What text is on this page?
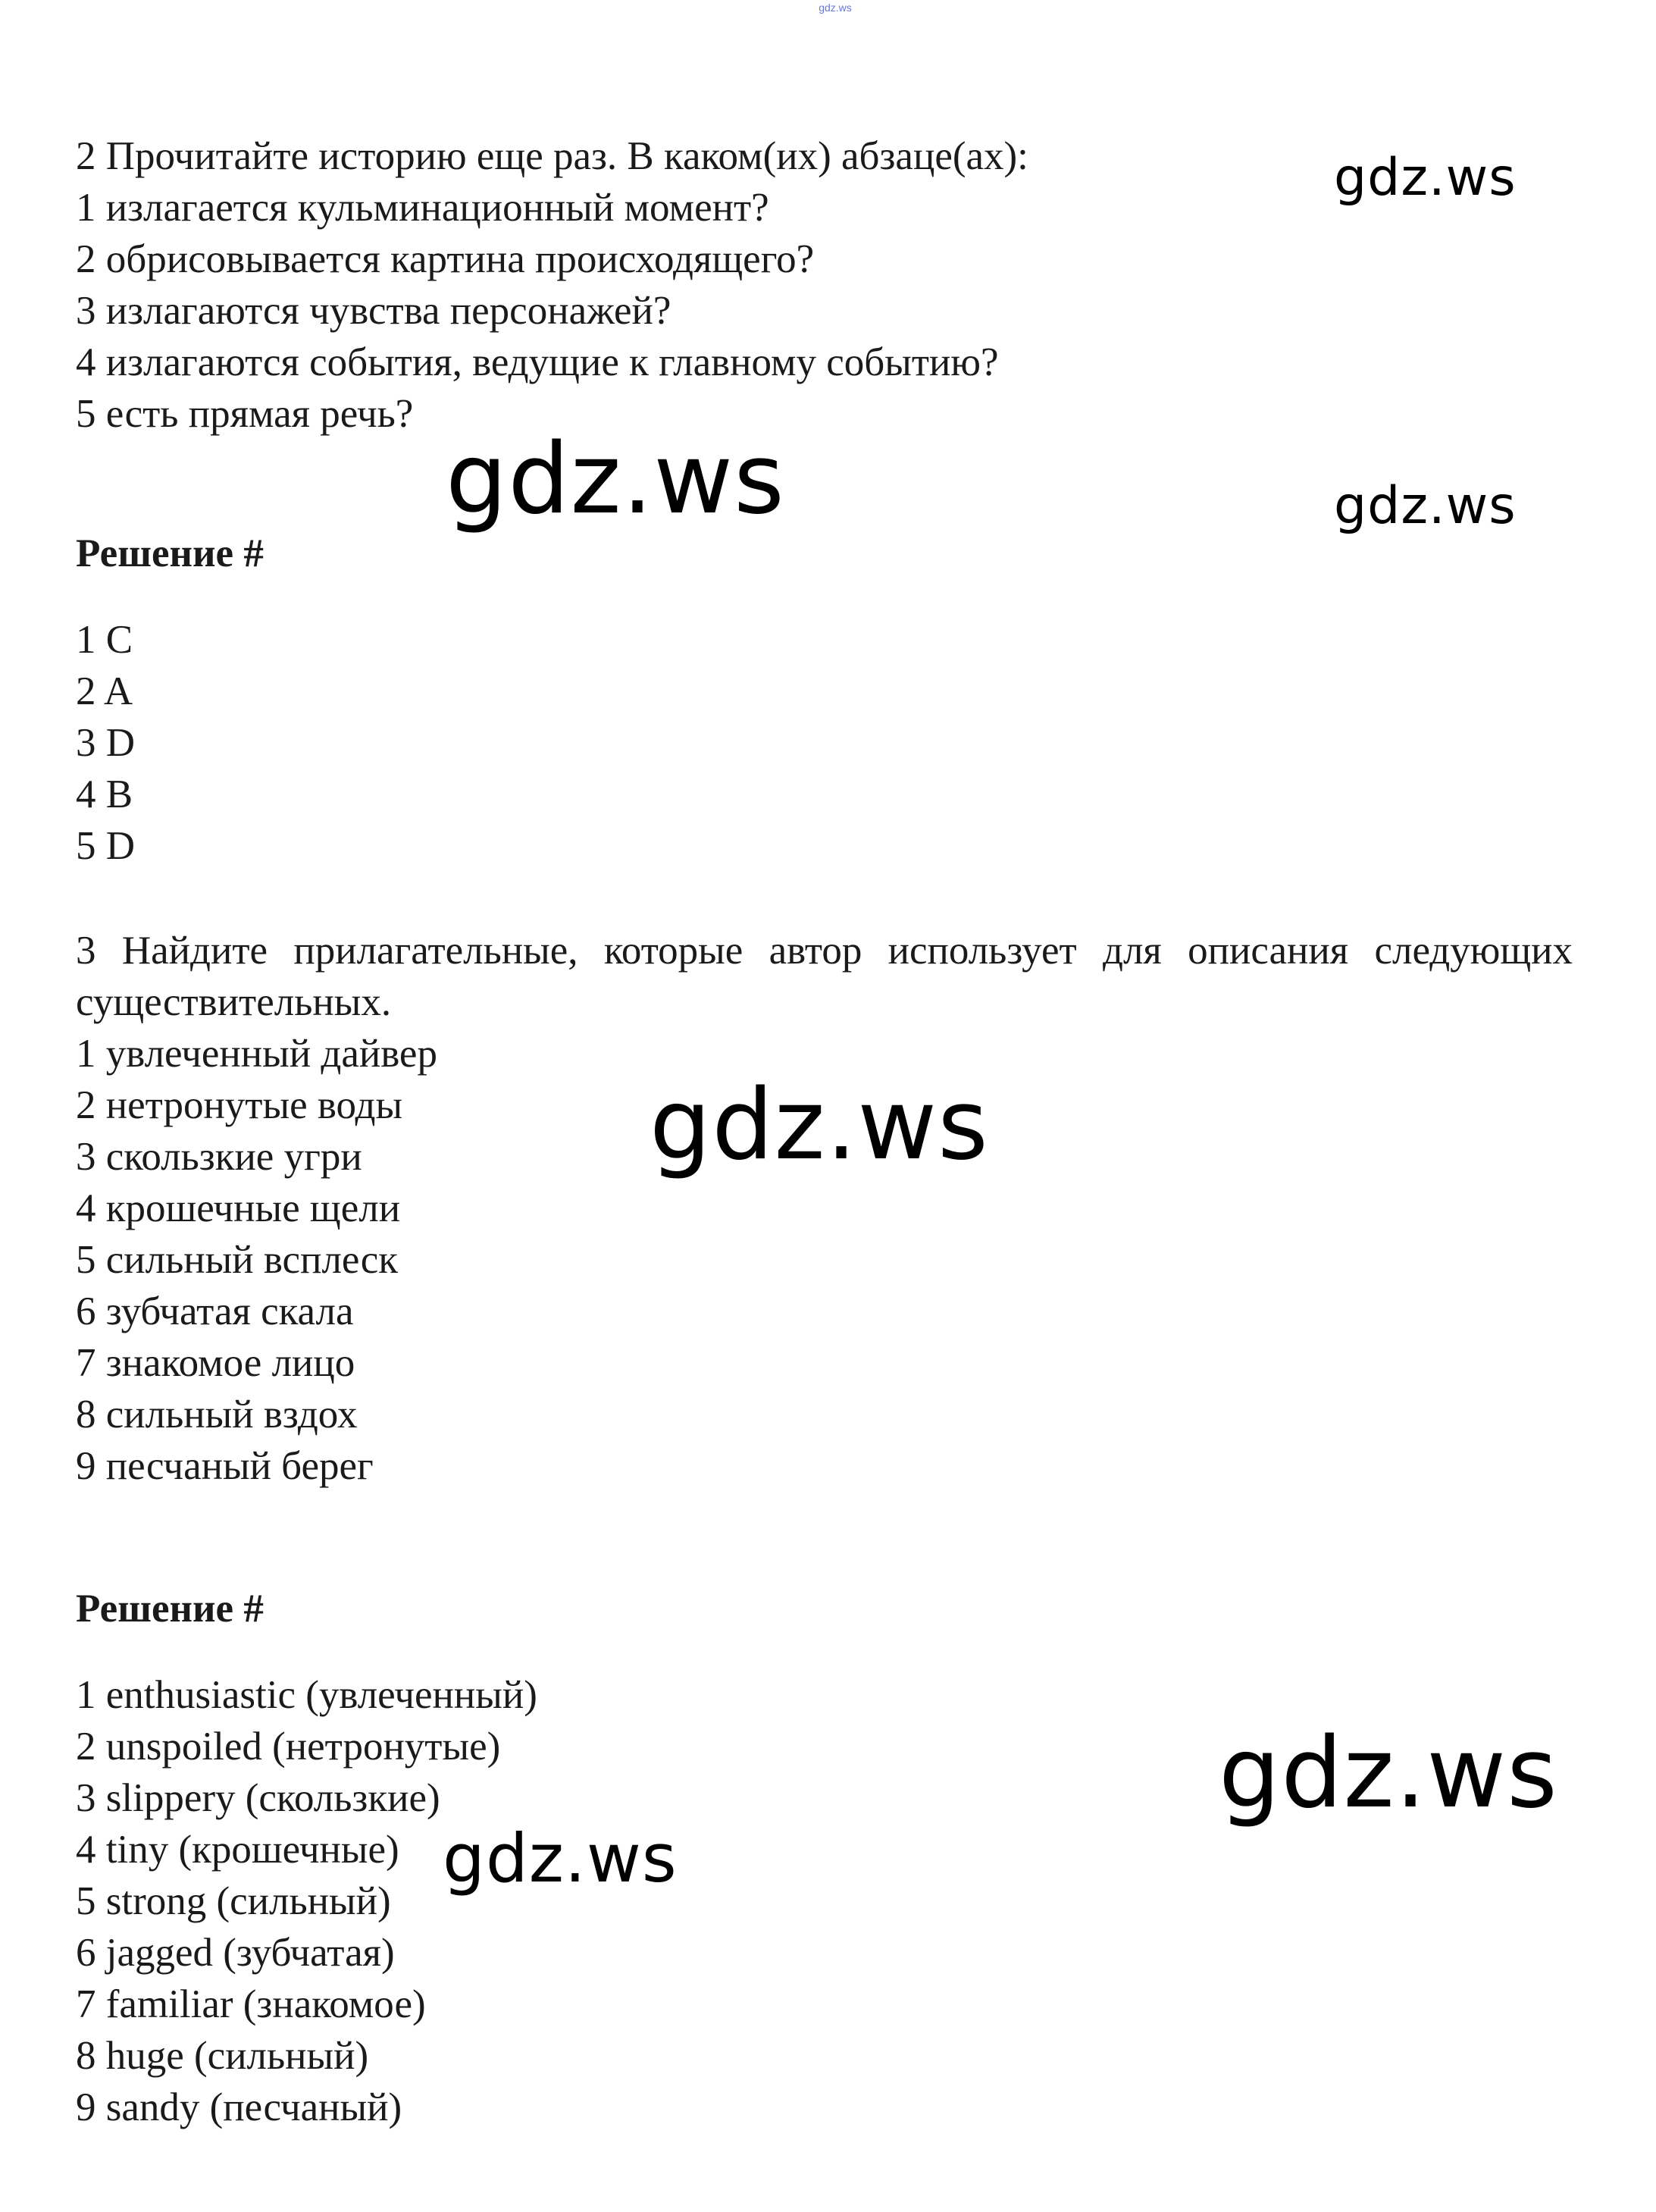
gdz.ws
2 Прочитайте историю еще раз. В каком(их) абзаце(ах):
1 излагается кульминационный момент?
2 обрисовывается картина происходящего?
3 излагаются чувства персонажей?
4 излагаются события, ведущие к главному событию?
5 есть прямая речь?
Решение #
1 C
2 A
3 D
4 B
5 D
3 Найдите прилагательные, которые автор использует для описания следующих существительных.
1 увлеченный дайвер
2 нетронутые воды
3 скользкие угри
4 крошечные щели
5 сильный всплеск
6 зубчатая скала
7 знакомое лицо
8 сильный вздох
9 песчаный берег
Решение #
1 enthusiastic (увлеченный)
2 unspoiled (нетронутые)
3 slippery (скользкие)
4 tiny (крошечные)
5 strong (сильный)
6 jagged (зубчатая)
7 familiar (знакомое)
8 huge (сильный)
9 sandy (песчаный)
gdz.ws
gdz.ws	gdz.ws
gdz.ws
gdz.ws
gdz.ws
